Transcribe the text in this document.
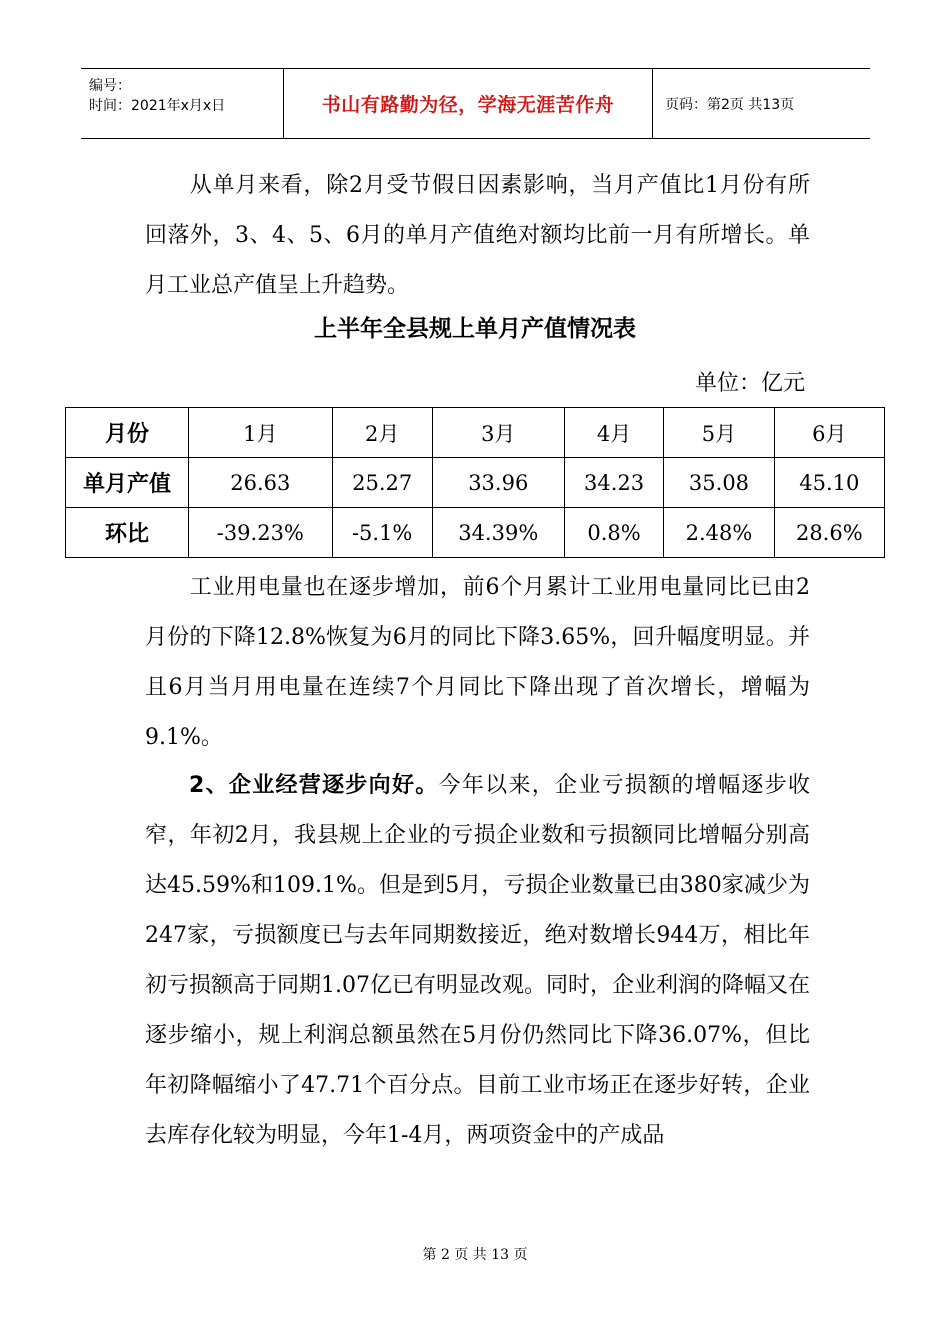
编号：
时间：2021年x月x日	书山有路勤为径，学海无涯苦作舟	页码：第2页 共13页

从单月来看，除2月受节假日因素影响，当月产值比1月份有所回落外，3、4、5、6月的单月产值绝对额均比前一月有所增长。单月工业总产值呈上升趋势。

上半年全县规上单月产值情况表
单位：亿元
月份	1月	2月	3月	4月	5月	6月
单月产值	26.63	25.27	33.96	34.23	35.08	45.10
环比	-39.23%	-5.1%	34.39%	0.8%	2.48%	28.6%

工业用电量也在逐步增加，前6个月累计工业用电量同比已由2月份的下降12.8%恢复为6月的同比下降3.65%，回升幅度明显。并且6月当月用电量在连续7个月同比下降出现了首次增长，增幅为9.1%。

2、企业经营逐步向好。今年以来，企业亏损额的增幅逐步收窄，年初2月，我县规上企业的亏损企业数和亏损额同比增幅分别高达45.59%和109.1%。但是到5月，亏损企业数量已由380家减少为247家，亏损额度已与去年同期数接近，绝对数增长944万，相比年初亏损额高于同期1.07亿已有明显改观。同时，企业利润的降幅又在逐步缩小，规上利润总额虽然在5月份仍然同比下降36.07%，但比年初降幅缩小了47.71个百分点。目前工业市场正在逐步好转，企业去库存化较为明显，今年1-4月，两项资金中的产成品

第 2 页 共 13 页
